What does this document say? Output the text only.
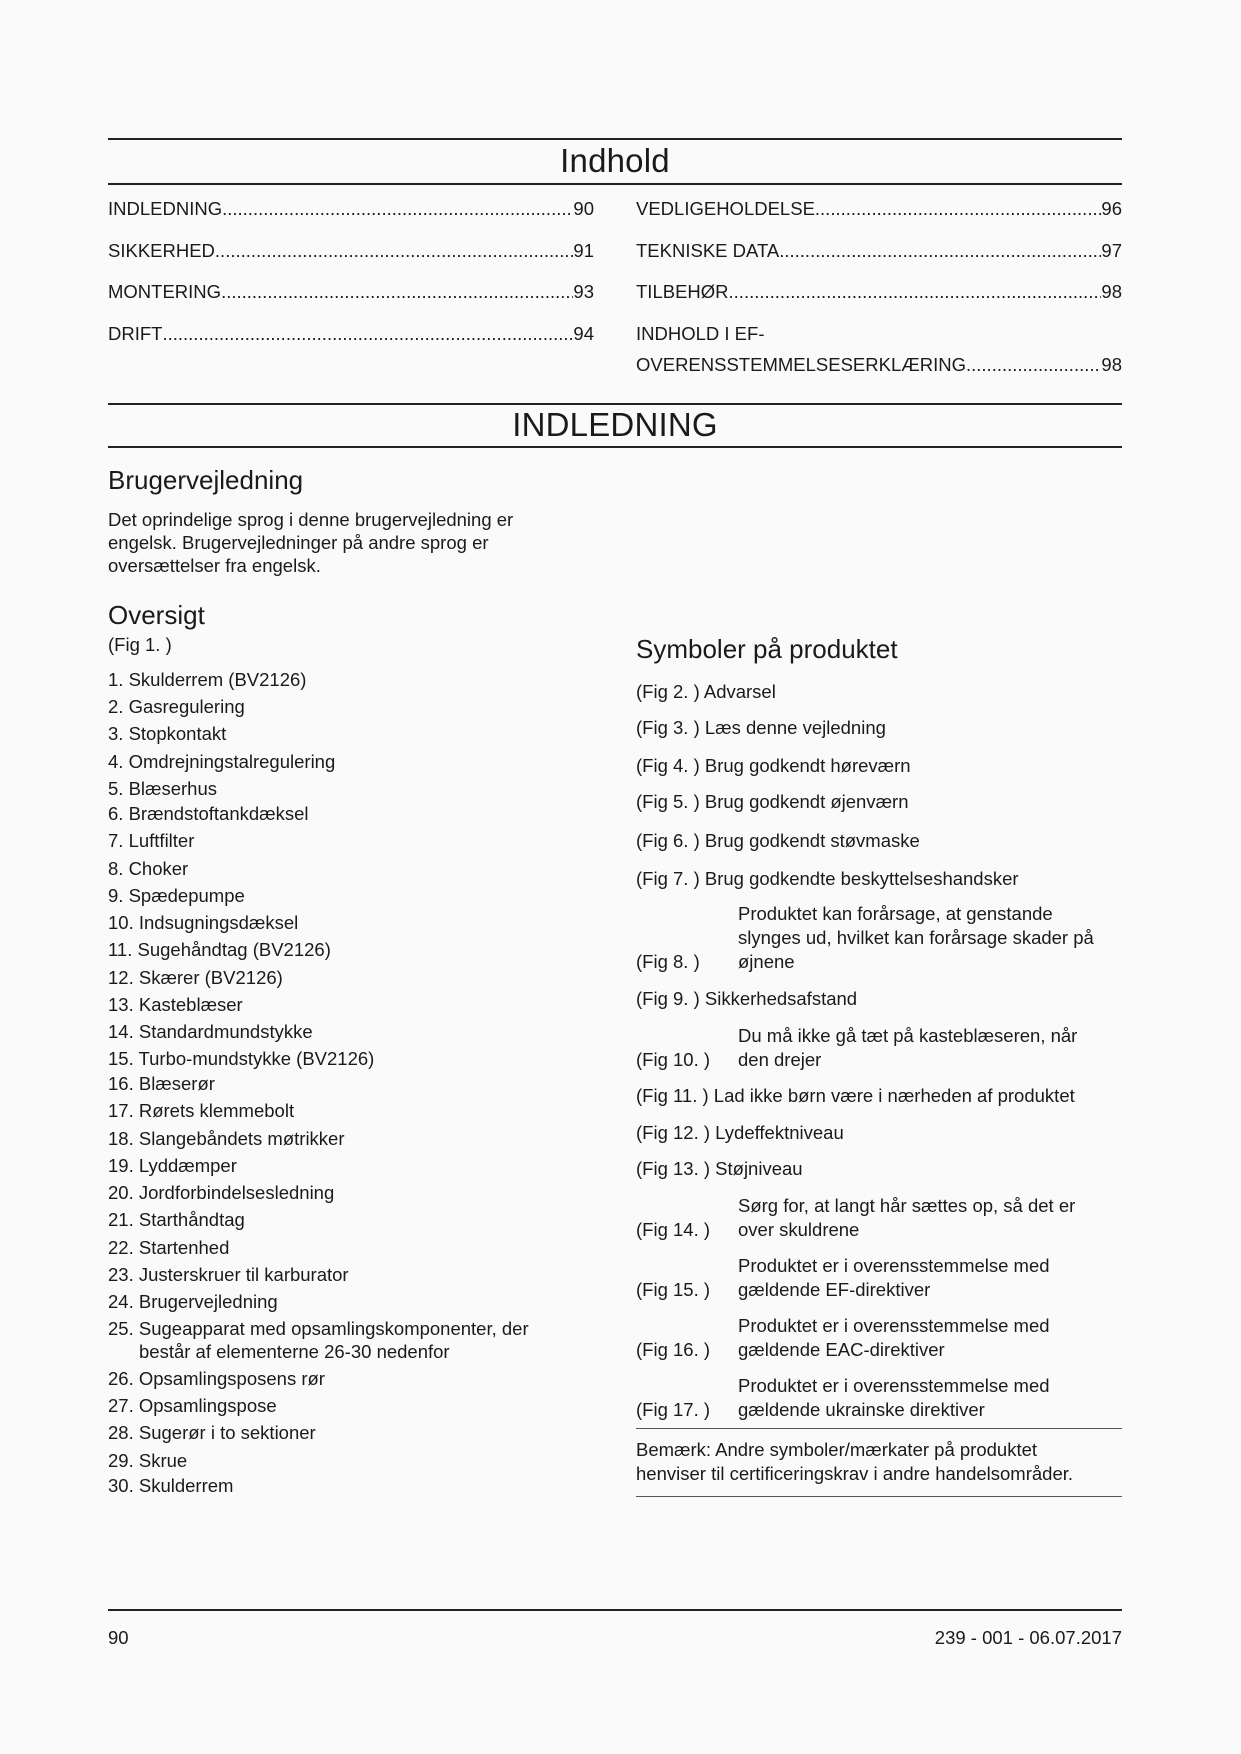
Indhold
INDLEDNING .....	90
SIKKERHED .....	91
MONTERING .....	93
DRIFT .....	94
VEDLIGEHOLDELSE .....	96
TEKNISKE DATA .....	97
TILBEHØR .....	98
INDHOLD I EF-
OVERENSSTEMMELSESERKLÆRING .....	98
INDLEDNING
Brugervejledning
Det oprindelige sprog i denne brugervejledning er
engelsk. Brugervejledninger på andre sprog er
oversættelser fra engelsk.
Oversigt
(Fig 1. )
1. Skulderrem (BV2126)
2. Gasregulering
3. Stopkontakt
4. Omdrejningstalregulering
5. Blæserhus
6. Brændstoftankdæksel
7. Luftfilter
8. Choker
9. Spædepumpe
10. Indsugningsdæksel
11. Sugehåndtag (BV2126)
12. Skærer (BV2126)
13. Kasteblæser
14. Standardmundstykke
15. Turbo-mundstykke (BV2126)
16. Blæserør
17. Rørets klemmebolt
18. Slangebåndets møtrikker
19. Lyddæmper
20. Jordforbindelsesledning
21. Starthåndtag
22. Startenhed
23. Justerskruer til karburator
24. Brugervejledning
25. Sugeapparat med opsamlingskomponenter, der
består af elementerne 26-30 nedenfor
26. Opsamlingsposens rør
27. Opsamlingspose
28. Sugerør i to sektioner
29. Skrue
30. Skulderrem
Symboler på produktet
(Fig 2. ) Advarsel
(Fig 3. ) Læs denne vejledning
(Fig 4. ) Brug godkendt høreværn
(Fig 5. ) Brug godkendt øjenværn
(Fig 6. ) Brug godkendt støvmaske
(Fig 7. ) Brug godkendte beskyttelseshandsker
(Fig 8. )
Produktet kan forårsage, at genstande
slynges ud, hvilket kan forårsage skader på
øjnene
(Fig 9. ) Sikkerhedsafstand
(Fig 10. )
Du må ikke gå tæt på kasteblæseren, når
den drejer
(Fig 11. ) Lad ikke børn være i nærheden af produktet
(Fig 12. ) Lydeffektniveau
(Fig 13. ) Støjniveau
(Fig 14. )
Sørg for, at langt hår sættes op, så det er
over skuldrene
(Fig 15. )
Produktet er i overensstemmelse med
gældende EF-direktiver
(Fig 16. )
Produktet er i overensstemmelse med
gældende EAC-direktiver
(Fig 17. )
Produktet er i overensstemmelse med
gældende ukrainske direktiver
Bemærk: Andre symboler/mærkater på produktet
henviser til certificeringskrav i andre handelsområder.
90	239 - 001 - 06.07.2017
